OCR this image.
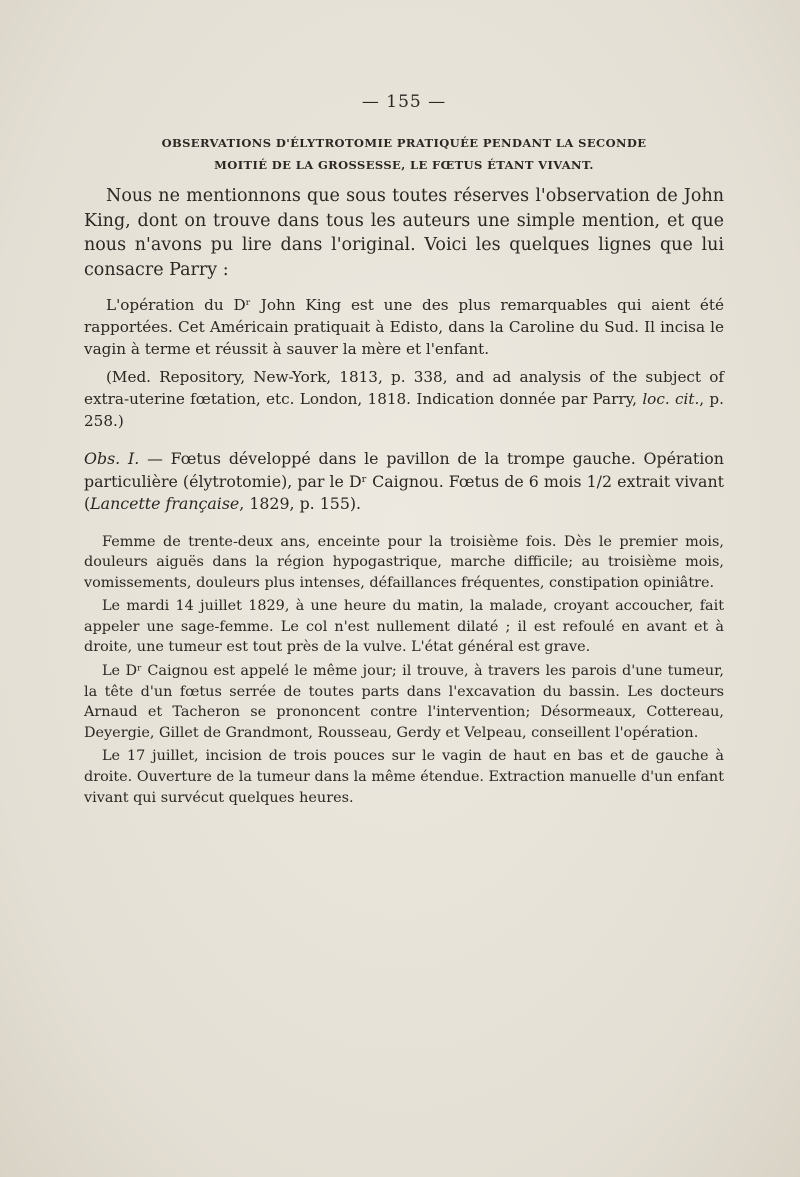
— 155 —
OBSERVATIONS D'ÉLYTROTOMIE PRATIQUÉE PENDANT LA SECONDE
MOITIÉ DE LA GROSSESSE, LE FŒTUS ÉTANT VIVANT.

Nous ne mentionnons que sous toutes réserves l'observation de John King, dont on trouve dans tous les auteurs une simple mention, et que nous n'avons pu lire dans l'original. Voici les quelques lignes que lui consacre Parry :

L'opération du Dʳ John King est une des plus remarquables qui aient été rapportées. Cet Américain pratiquait à Edisto, dans la Caroline du Sud. Il incisa le vagin à terme et réussit à sauver la mère et l'enfant.

(Med. Repository, New-York, 1813, p. 338, and ad analysis of the subject of extra-uterine fœtation, etc. London, 1818. Indication donnée par Parry, loc. cit., p. 258.)

Obs. I. — Fœtus développé dans le pavillon de la trompe gauche. Opération particulière (élytrotomie), par le Dʳ Caignou. Fœtus de 6 mois 1/2 extrait vivant (Lancette française, 1829, p. 155).

Femme de trente-deux ans, enceinte pour la troisième fois. Dès le premier mois, douleurs aiguës dans la région hypogastrique, marche difficile; au troisième mois, vomissements, douleurs plus intenses, défaillances fréquentes, constipation opiniâtre.

Le mardi 14 juillet 1829, à une heure du matin, la malade, croyant accoucher, fait appeler une sage-femme. Le col n'est nullement dilaté ; il est refoulé en avant et à droite, une tumeur est tout près de la vulve. L'état général est grave.

Le Dʳ Caignou est appelé le même jour; il trouve, à travers les parois d'une tumeur, la tête d'un fœtus serrée de toutes parts dans l'excavation du bassin. Les docteurs Arnaud et Tacheron se prononcent contre l'intervention; Désormeaux, Cottereau, Deyergie, Gillet de Grandmont, Rousseau, Gerdy et Velpeau, conseillent l'opération.

Le 17 juillet, incision de trois pouces sur le vagin de haut en bas et de gauche à droite. Ouverture de la tumeur dans la même étendue. Extraction manuelle d'un enfant vivant qui survécut quelques heures.
